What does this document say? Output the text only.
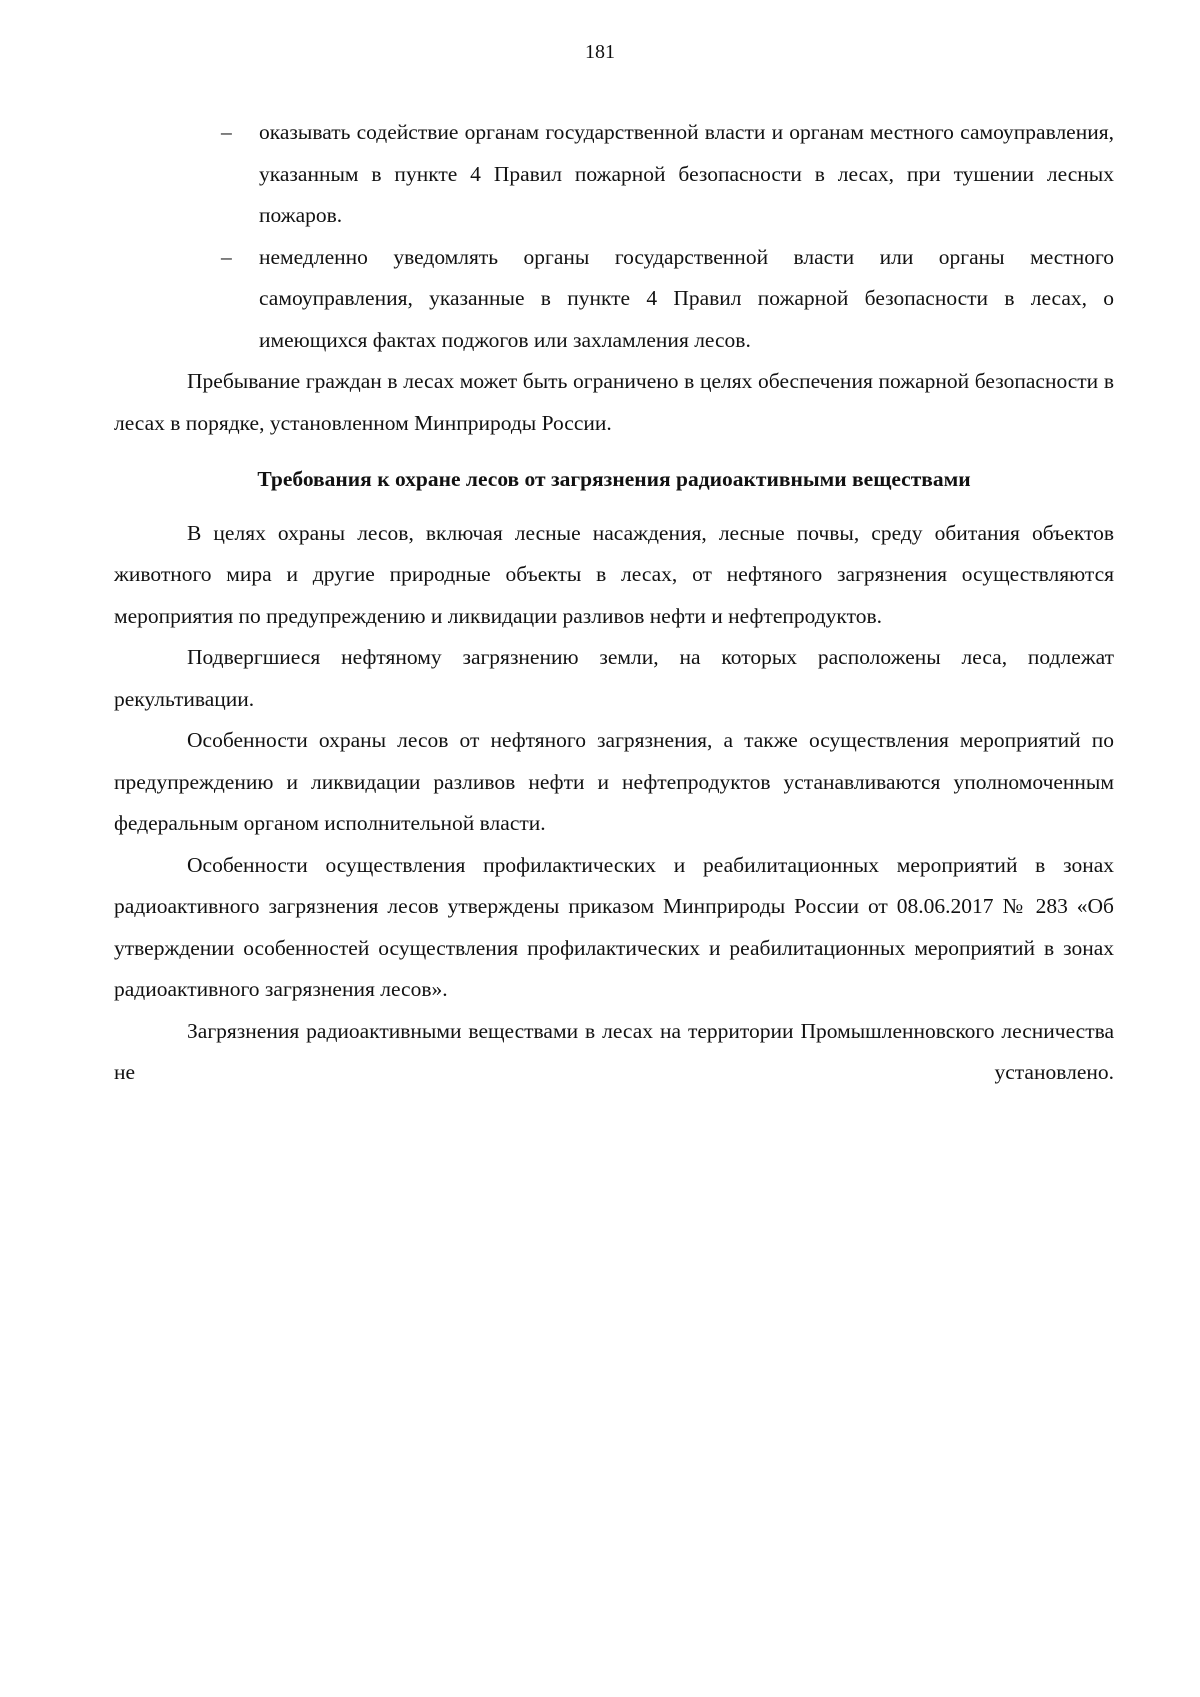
181
– оказывать содействие органам государственной власти и органам местного самоуправления, указанным в пункте 4 Правил пожарной безопасности в лесах, при тушении лесных пожаров.
– немедленно уведомлять органы государственной власти или органы местного самоуправления, указанные в пункте 4 Правил пожарной безопасности в лесах, о имеющихся фактах поджогов или захламления лесов.

Пребывание граждан в лесах может быть ограничено в целях обеспечения пожарной безопасности в лесах в порядке, установленном Минприроды России.

Требования к охране лесов от загрязнения радиоактивными веществами

В целях охраны лесов, включая лесные насаждения, лесные почвы, среду обитания объектов животного мира и другие природные объекты в лесах, от нефтяного загрязнения осуществляются мероприятия по предупреждению и ликвидации разливов нефти и нефтепродуктов.

Подвергшиеся нефтяному загрязнению земли, на которых расположены леса, подлежат рекультивации.

Особенности охраны лесов от нефтяного загрязнения, а также осуществления мероприятий по предупреждению и ликвидации разливов нефти и нефтепродуктов устанавливаются уполномоченным федеральным органом исполнительной власти.

Особенности осуществления профилактических и реабилитационных мероприятий в зонах радиоактивного загрязнения лесов утверждены приказом Минприроды России от 08.06.2017 № 283 «Об утверждении особенностей осуществления профилактических и реабилитационных мероприятий в зонах радиоактивного загрязнения лесов».

Загрязнения радиоактивными веществами в лесах на территории Промышленновского лесничества не установлено.
